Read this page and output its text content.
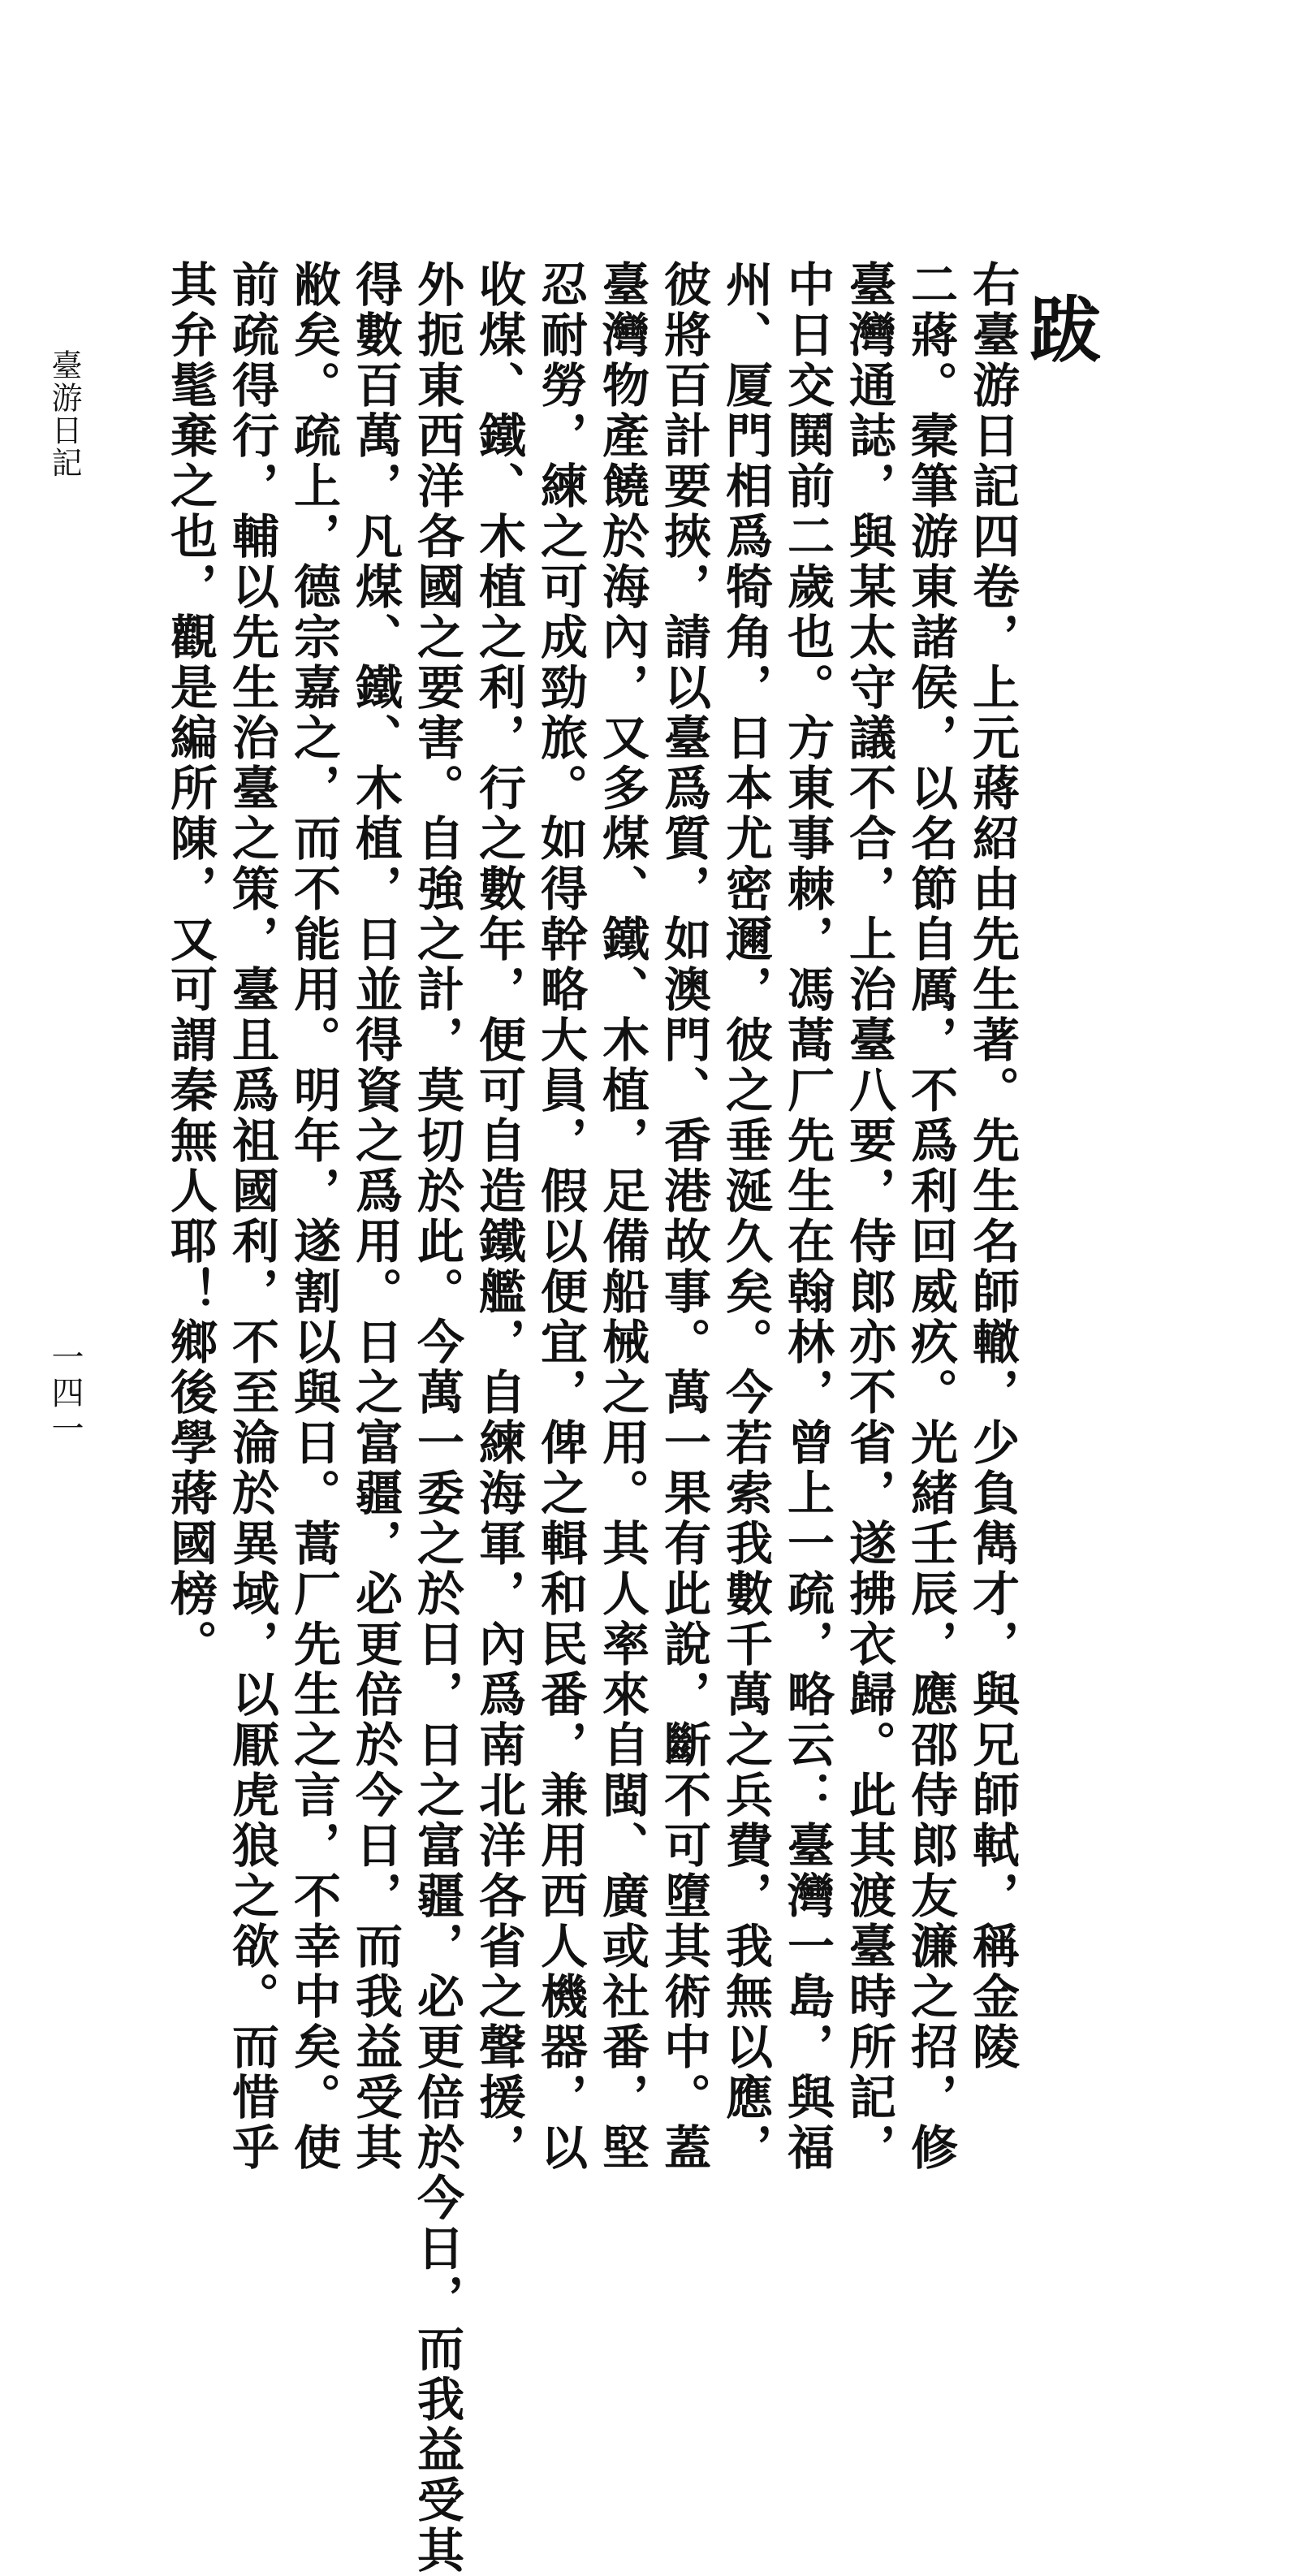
跋
右臺游日記四卷，上元蔣紹由先生著。先生名師轍，少負雋才，與兄師軾，稱金陵
二蔣。槖筆游東諸侯，以名節自厲，不爲利回威疚。光緒壬辰，應邵侍郎友濂之招，修
臺灣通誌，與某太守議不合，上治臺八要，侍郎亦不省，遂拂衣歸。此其渡臺時所記，
中日交鬨前二歲也。方東事棘，馮蒿厂先生在翰林，曾上一疏，略云：臺灣一島，與福
州、厦門相爲犄角，日本尤密邇，彼之垂涎久矣。今若索我數千萬之兵費，我無以應，
彼將百計要挾，請以臺爲質，如澳門、香港故事。萬一果有此說，斷不可墮其術中。蓋
臺灣物產饒於海內，又多煤、鐵、木植，足備船械之用。其人率來自閩、廣或社番，堅
忍耐勞，練之可成勁旅。如得幹略大員，假以便宜，俾之輯和民番，兼用西人機器，以
收煤、鐵、木植之利，行之數年，便可自造鐵艦，自練海軍，內爲南北洋各省之聲援，
外扼東西洋各國之要害。自強之計，莫切於此。今萬一委之於日，日之富疆，必更倍於今日，而我益受其
得數百萬，凡煤、鐵、木植，日並得資之爲用。日之富疆，必更倍於今日，而我益受其
敝矣。疏上，德宗嘉之，而不能用。明年，遂割以與日。蒿厂先生之言，不幸中矣。使
前疏得行，輔以先生治臺之策，臺且爲祖國利，不至淪於異域，以厭虎狼之欲。而惜乎
其弁髦棄之也，觀是編所陳，又可謂秦無人耶！鄉後學蔣國榜。
臺游日記
一四一
